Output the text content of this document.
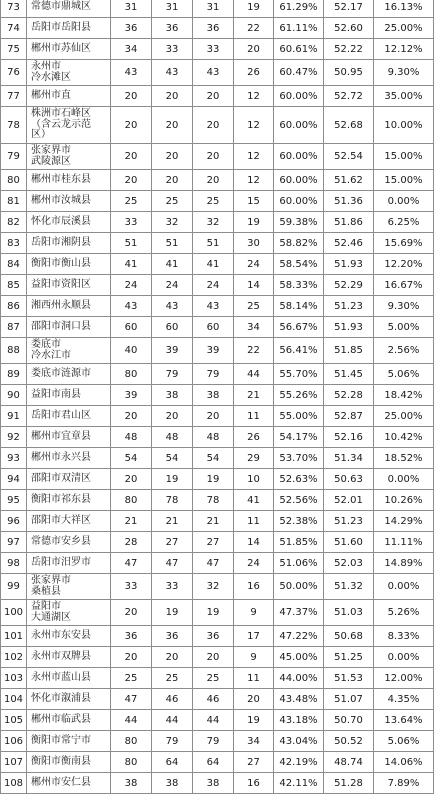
73	常德市鼎城区	31	31	31	19	61.29%	52.17	16.13%
74	岳阳市岳阳县	36	36	36	22	61.11%	52.60	25.00%
75	郴州市苏仙区	34	33	33	20	60.61%	52.22	12.12%
76	永州市
冷水滩区	43	43	43	26	60.47%	50.95	9.30%
77	郴州市直	20	20	20	12	60.00%	52.72	35.00%
78	株洲市石峰区
（含云龙示范
区）	20	20	20	12	60.00%	52.68	10.00%
79	张家界市
武陵源区	20	20	20	12	60.00%	52.54	15.00%
80	郴州市桂东县	20	20	20	12	60.00%	51.62	15.00%
81	郴州市汝城县	25	25	25	15	60.00%	51.36	0.00%
82	怀化市辰溪县	33	32	32	19	59.38%	51.86	6.25%
83	岳阳市湘阴县	51	51	51	30	58.82%	52.46	15.69%
84	衡阳市衡山县	41	41	41	24	58.54%	51.93	12.20%
85	益阳市资阳区	24	24	24	14	58.33%	52.29	16.67%
86	湘西州永顺县	43	43	43	25	58.14%	51.23	9.30%
87	邵阳市洞口县	60	60	60	34	56.67%	51.93	5.00%
88	娄底市
冷水江市	40	39	39	22	56.41%	51.85	2.56%
89	娄底市涟源市	80	79	79	44	55.70%	51.45	5.06%
90	益阳市南县	39	38	38	21	55.26%	52.28	18.42%
91	岳阳市君山区	20	20	20	11	55.00%	52.87	25.00%
92	郴州市宜章县	48	48	48	26	54.17%	52.16	10.42%
93	郴州市永兴县	54	54	54	29	53.70%	51.34	18.52%
94	邵阳市双清区	20	19	19	10	52.63%	50.63	0.00%
95	衡阳市祁东县	80	78	78	41	52.56%	52.01	10.26%
96	邵阳市大祥区	21	21	21	11	52.38%	51.23	14.29%
97	常德市安乡县	28	27	27	14	51.85%	51.60	11.11%
98	岳阳市汨罗市	47	47	47	24	51.06%	52.03	14.89%
99	张家界市
桑植县	33	33	32	16	50.00%	51.32	0.00%
100	益阳市
大通湖区	20	19	19	9	47.37%	51.03	5.26%
101	永州市东安县	36	36	36	17	47.22%	50.68	8.33%
102	永州市双牌县	20	20	20	9	45.00%	51.25	0.00%
103	永州市蓝山县	25	25	25	11	44.00%	51.53	12.00%
104	怀化市溆浦县	47	46	46	20	43.48%	51.07	4.35%
105	郴州市临武县	44	44	44	19	43.18%	50.70	13.64%
106	衡阳市常宁市	80	79	79	34	43.04%	50.52	5.06%
107	衡阳市衡南县	80	64	64	27	42.19%	48.74	14.06%
108	郴州市安仁县	38	38	38	16	42.11%	51.28	7.89%
